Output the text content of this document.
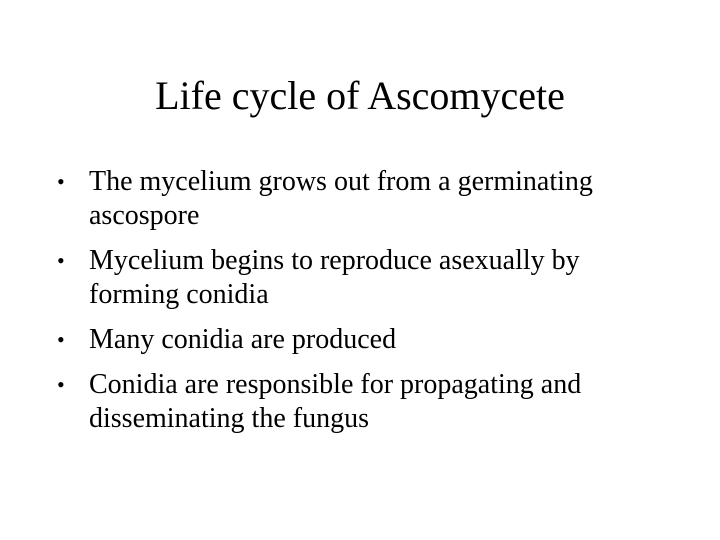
Life cycle of Ascomycete
• The mycelium grows out from a germinating ascospore
• Mycelium begins to reproduce asexually by forming conidia
• Many conidia are produced
• Conidia are responsible for propagating and disseminating the fungus
